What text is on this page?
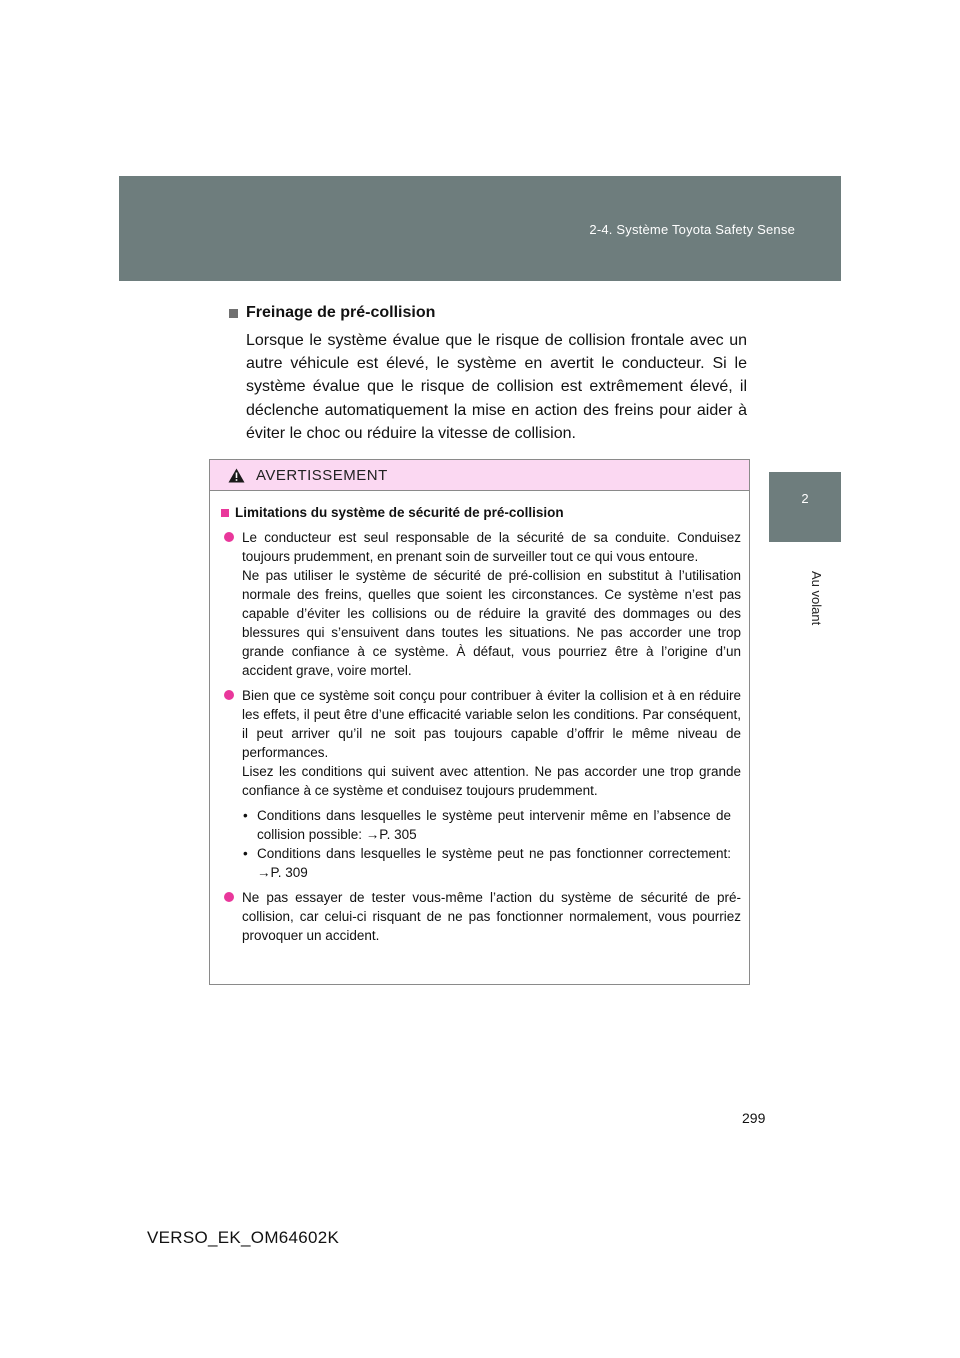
2-4. Système Toyota Safety Sense
2
Au volant
Freinage de pré-collision

Lorsque le système évalue que le risque de collision frontale avec un autre véhicule est élevé, le système en avertit le conducteur. Si le système évalue que le risque de collision est extrêmement élevé, il déclenche automatiquement la mise en action des freins pour aider à éviter le choc ou réduire la vitesse de collision.

AVERTISSEMENT
Limitations du système de sécurité de pré-collision

Le conducteur est seul responsable de la sécurité de sa conduite. Conduisez toujours prudemment, en prenant soin de surveiller tout ce qui vous entoure.

Ne pas utiliser le système de sécurité de pré-collision en substitut à l’utilisation normale des freins, quelles que soient les circonstances. Ce système n’est pas capable d’éviter les collisions ou de réduire la gravité des dommages ou des blessures qui s’ensuivent dans toutes les situations. Ne pas accorder une trop grande confiance à ce système. À défaut, vous pourriez être à l’origine d’un accident grave, voire mortel.

Bien que ce système soit conçu pour contribuer à éviter la collision et à en réduire les effets, il peut être d’une efficacité variable selon les conditions. Par conséquent, il peut arriver qu’il ne soit pas toujours capable d’offrir le même niveau de performances.

Lisez les conditions qui suivent avec attention. Ne pas accorder une trop grande confiance à ce système et conduisez toujours prudemment.

• Conditions dans lesquelles le système peut intervenir même en l’absence de collision possible: →P. 305

• Conditions dans lesquelles le système peut ne pas fonctionner correctement: →P. 309

Ne pas essayer de tester vous-même l’action du système de sécurité de pré-collision, car celui-ci risquant de ne pas fonctionner normalement, vous pourriez provoquer un accident.

299
VERSO_EK_OM64602K
